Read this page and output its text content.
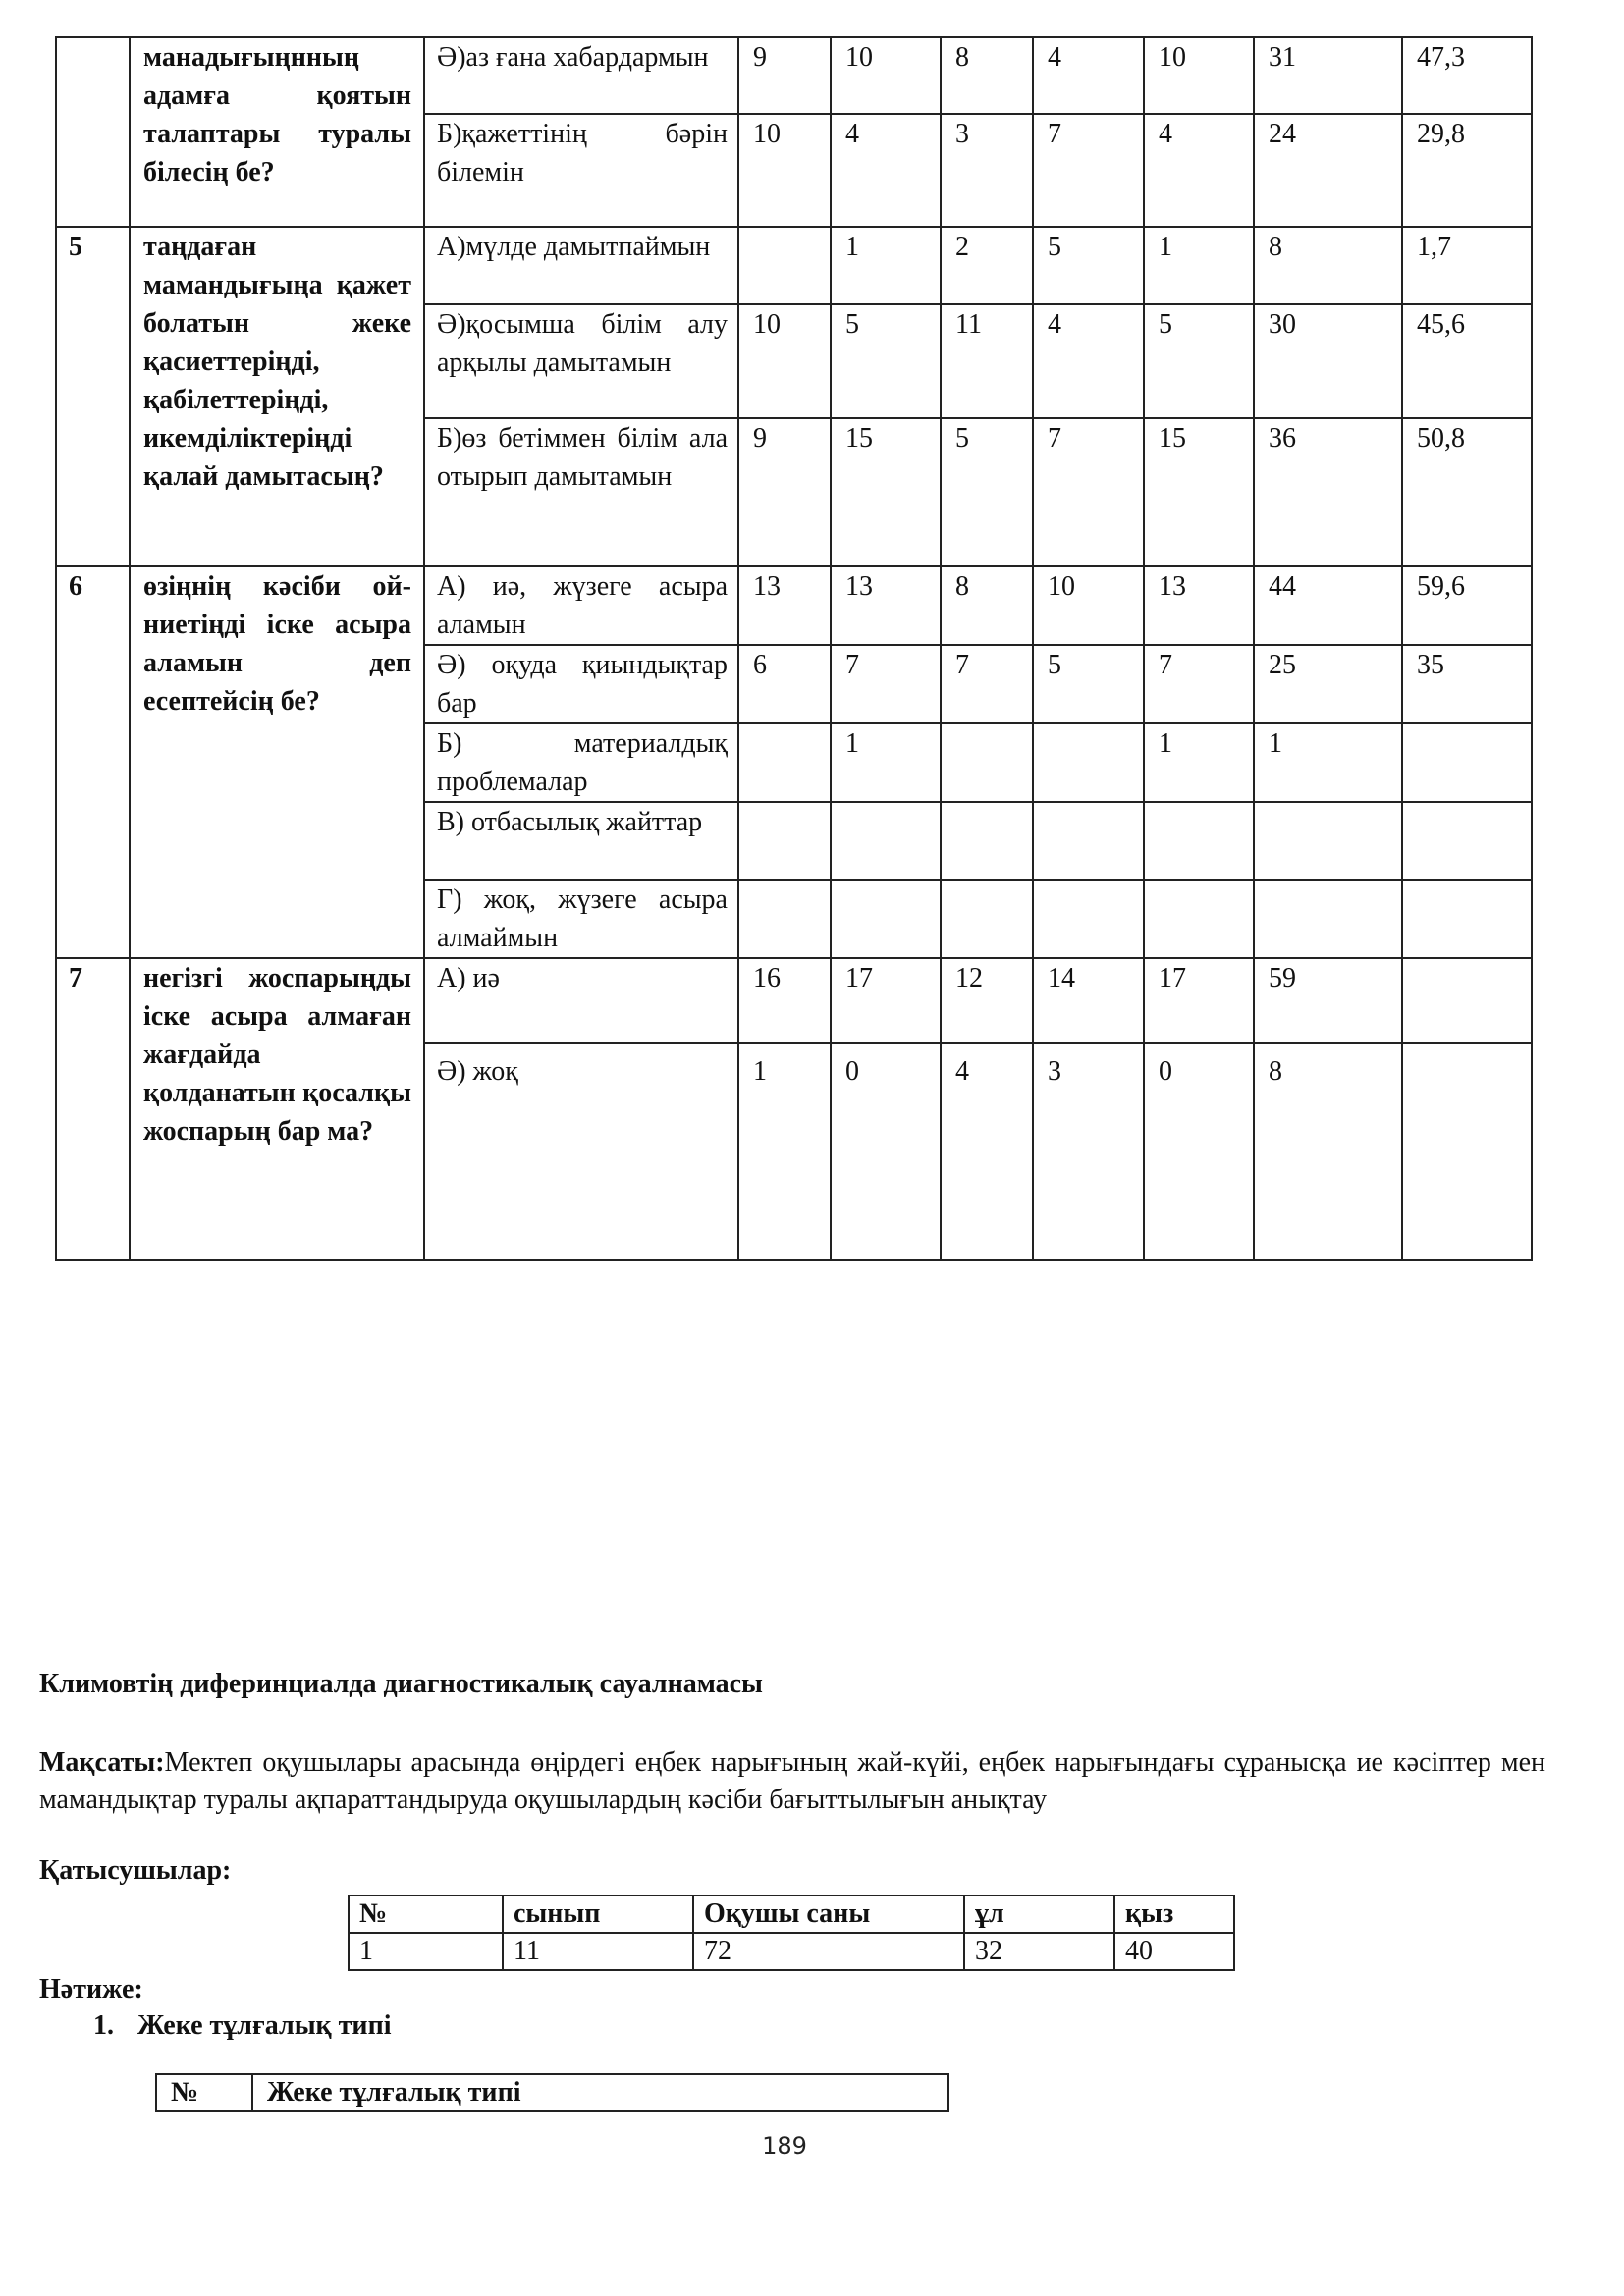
	манадығыңнның адамға қоятын талаптары туралы білесің бе?	Ә)аз ғана хабардармын	9	10	8	4	10	31	47,3
		Б)қажеттінің бәрін білемін	10	4	3	7	4	24	29,8
5	таңдаған мамандығыңа қажет болатын жеке қасиеттеріңді, қабілеттеріңді, икемділіктеріңді қалай дамытасың?	А)мүлде дамытпаймын		1	2	5	1	8	1,7
		Ә)қосымша білім алу арқылы дамытамын	10	5	11	4	5	30	45,6
		Б)өз бетіммен білім ала отырып дамытамын	9	15	5	7	15	36	50,8
6	өзіңнің кәсіби ой-ниетіңді іске асыра аламын деп есептейсің бе?	А) иә, жүзеге асыра аламын	13	13	8	10	13	44	59,6
		Ә) оқуда қиындықтар бар	6	7	7	5	7	25	35
		Б) материалдық проблемалар		1			1	1	
		В) отбасылық жайттар							
		Г) жоқ, жүзеге асыра алмаймын							
7	негізгі жоспарыңды іске асыра алмаған жағдайда қолданатын қосалқы жоспарың бар ма?	А) иә	16	17	12	14	17	59	
		Ә) жоқ	1	0	4	3	0	8	
Климовтің диферинциалда диагностикалық сауалнамасы
Мақсаты:Мектеп оқушылары арасында өңірдегі еңбек нарығының жай-күйі, еңбек нарығындағы сұранысқа ие кәсіптер мен мамандықтар туралы ақпараттандыруда оқушылардың кәсіби бағыттылығын анықтау
Қатысушылар:
№	сынып	Оқушы саны	ұл	қыз
1	11	72	32	40
Нәтиже:
1. Жеке тұлғалық типі
№	Жеке тұлғалық типі
189
